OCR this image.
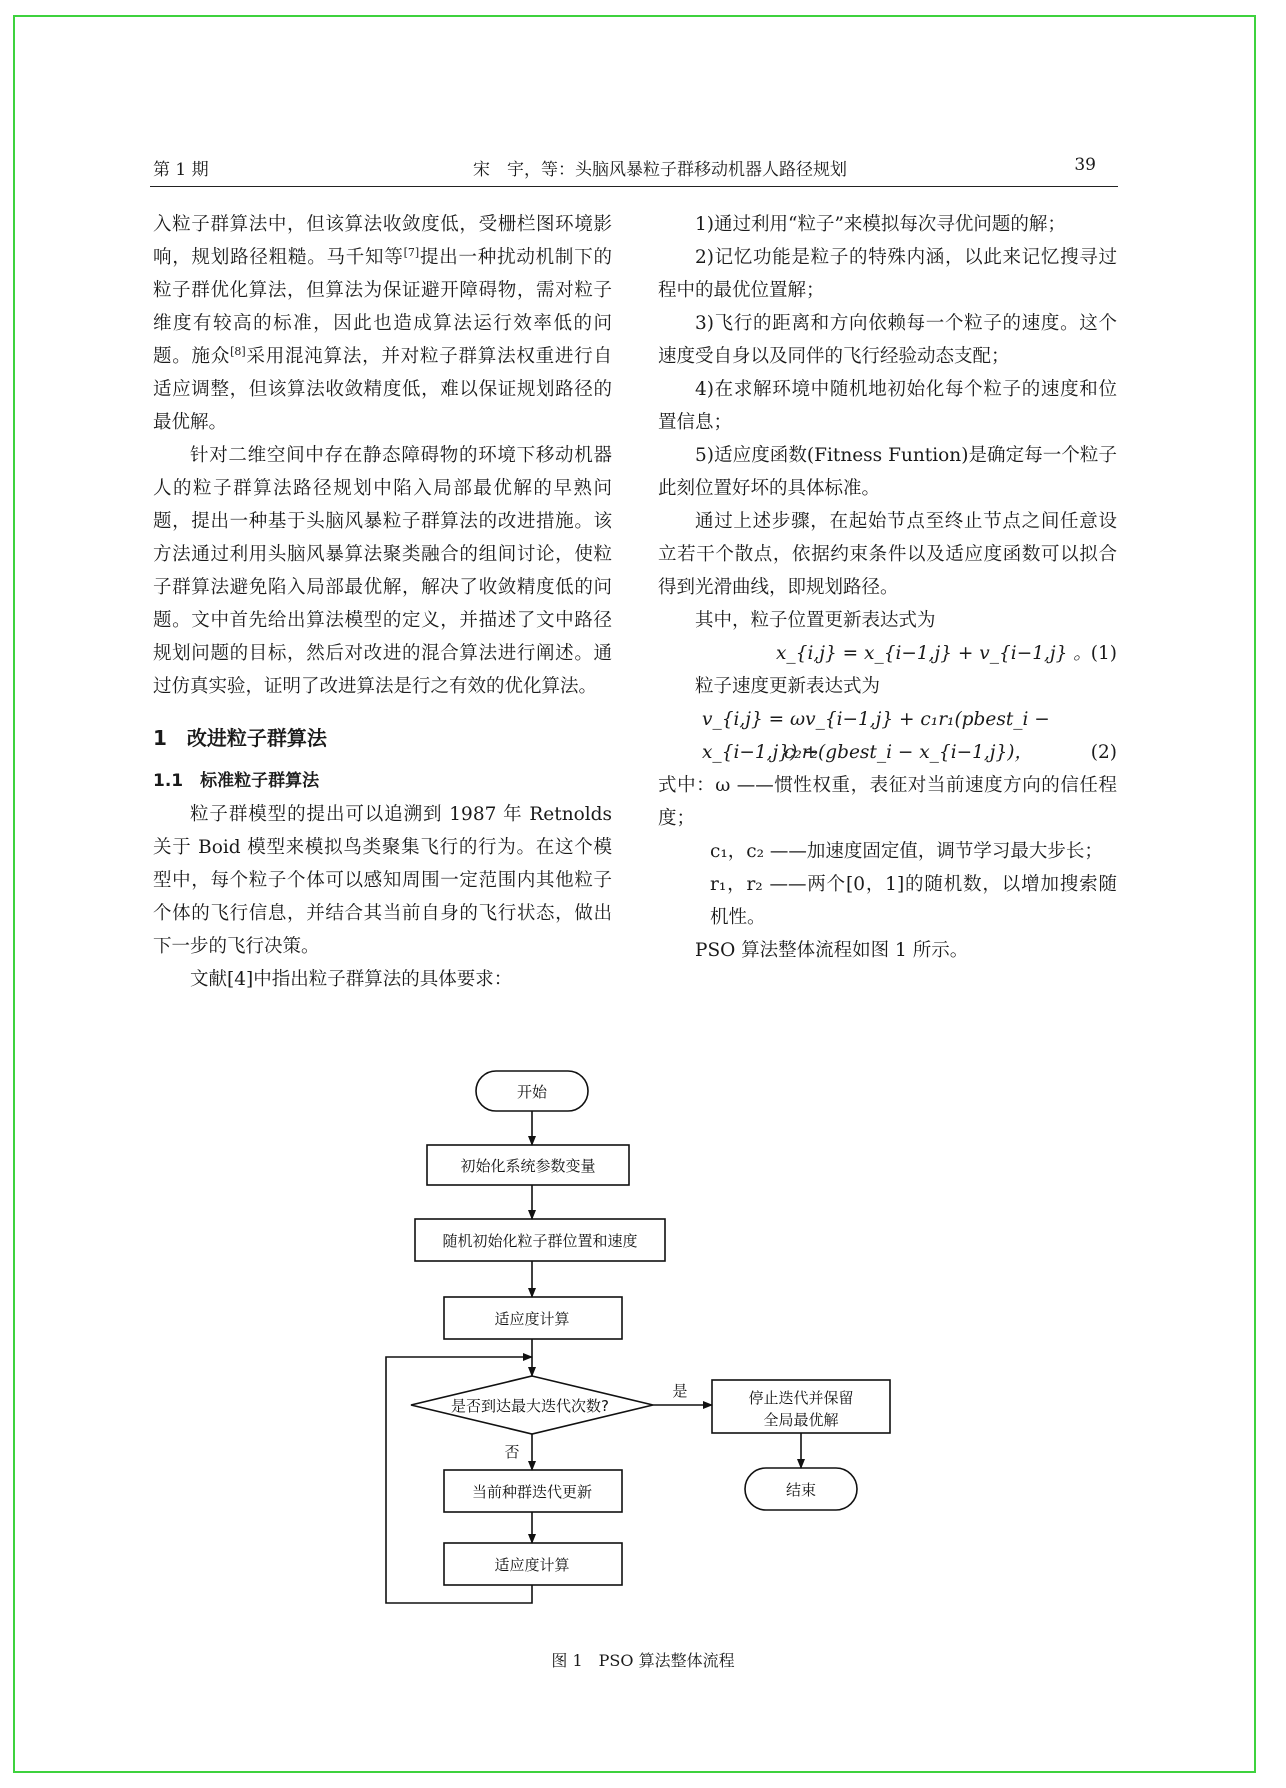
第 1 期	宋　宇，等：头脑风暴粒子群移动机器人路径规划	39

入粒子群算法中，但该算法收敛度低，受栅栏图环境影响，规划路径粗糙。马千知等[7]提出一种扰动机制下的粒子群优化算法，但算法为保证避开障碍物，需对粒子维度有较高的标准，因此也造成算法运行效率低的问题。施众[8]采用混沌算法，并对粒子群算法权重进行自适应调整，但该算法收敛精度低，难以保证规划路径的最优解。

针对二维空间中存在静态障碍物的环境下移动机器人的粒子群算法路径规划中陷入局部最优解的早熟问题，提出一种基于头脑风暴粒子群算法的改进措施。该方法通过利用头脑风暴算法聚类融合的组间讨论，使粒子群算法避免陷入局部最优解，解决了收敛精度低的问题。文中首先给出算法模型的定义，并描述了文中路径规划问题的目标，然后对改进的混合算法进行阐述。通过仿真实验，证明了改进算法是行之有效的优化算法。

1　改进粒子群算法

1.1　标准粒子群算法

粒子群模型的提出可以追溯到 1987 年 Retnolds关于 Boid 模型来模拟鸟类聚集飞行的行为。在这个模型中，每个粒子个体可以感知周围一定范围内其他粒子个体的飞行信息，并结合其当前自身的飞行状态，做出下一步的飞行决策。

文献[4]中指出粒子群算法的具体要求：

1)通过利用“粒子”来模拟每次寻优问题的解；

2)记忆功能是粒子的特殊内涵，以此来记忆搜寻过程中的最优位置解；

3)飞行的距离和方向依赖每一个粒子的速度。这个速度受自身以及同伴的飞行经验动态支配；

4)在求解环境中随机地初始化每个粒子的速度和位置信息；

5)适应度函数(Fitness Funtion)是确定每一个粒子此刻位置好坏的具体标准。

通过上述步骤，在起始节点至终止节点之间任意设立若干个散点，依据约束条件以及适应度函数可以拟合得到光滑曲线，即规划路径。

其中，粒子位置更新表达式为

x_{i,j} = x_{i−1,j} + v_{i−1,j} 。 (1)

粒子速度更新表达式为

v_{i,j} = ωv_{i−1,j} + c₁r₁(pbest_i − x_{i−1,j}) +
c₂r₂(gbest_i − x_{i−1,j})，	(2)

式中：ω ——惯性权重，表征对当前速度方向的信任程度；

c₁，c₂ ——加速度固定值，调节学习最大步长；

r₁，r₂ ——两个[0，1]的随机数，以增加搜索随机性。

PSO 算法整体流程如图 1 所示。

开始
初始化系统参数变量
随机初始化粒子群位置和速度
适应度计算
是否到达最大迭代次数?
是
否
停止迭代并保留
全局最优解
结束
当前种群迭代更新
适应度计算
图 1　PSO 算法整体流程
